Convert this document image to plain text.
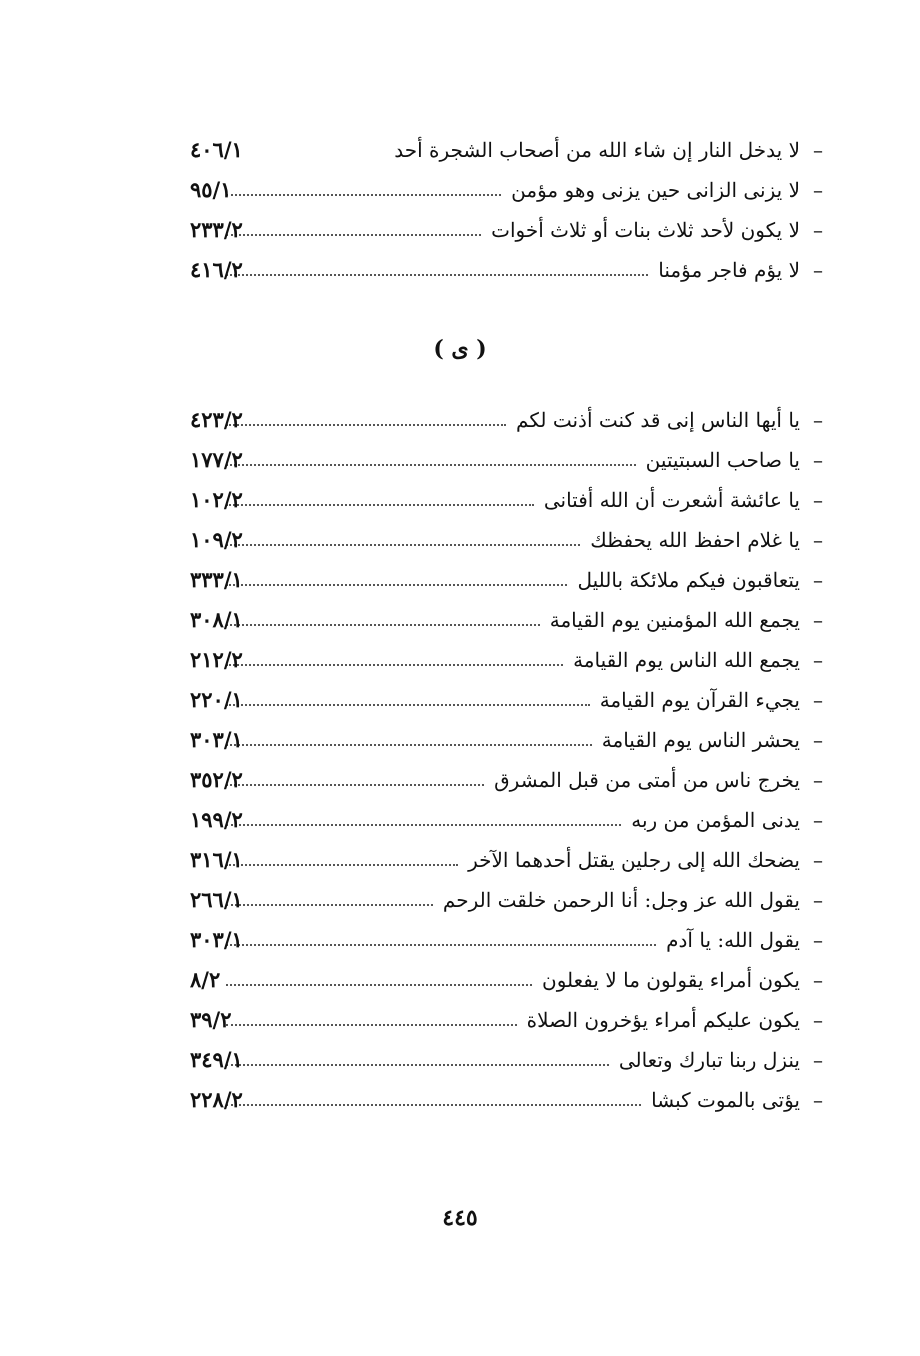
–
لا يدخل النار إن شاء الله من أصحاب الشجرة أحد
٤٠٦/١
–
لا يزنى الزانى حين يزنى وهو مؤمن
٩٥/١
–
لا يكون لأحد ثلاث بنات أو ثلاث أخوات
٢٣٣/٢
–
لا يؤم فاجر مؤمنا
٤١٦/٢
( ى )
–
يا أيها الناس إنى قد كنت أذنت لكم
٤٢٣/٢
–
يا صاحب السبتيتين
١٧٧/٢
–
يا عائشة أشعرت أن الله أفتانى
١٠٢/٢
–
يا غلام احفظ الله يحفظك
١٠٩/٢
–
يتعاقبون فيكم ملائكة بالليل
٣٣٣/١
–
يجمع الله المؤمنين يوم القيامة
٣٠٨/١
–
يجمع الله الناس يوم القيامة
٢١٢/٢
–
يجيء القرآن يوم القيامة
٢٢٠/١
–
يحشر الناس يوم القيامة
٣٠٣/١
–
يخرج ناس من أمتى من قبل المشرق
٣٥٢/٢
–
يدنى المؤمن من ربه
١٩٩/٢
–
يضحك الله إلى رجلين يقتل أحدهما الآخر
٣١٦/١
–
يقول الله عز وجل: أنا الرحمن خلقت الرحم
٢٦٦/١
–
يقول الله: يا آدم
٣٠٣/١
–
يكون أمراء يقولون ما لا يفعلون
٨/٢
–
يكون عليكم أمراء يؤخرون الصلاة
٣٩/٢
–
ينزل ربنا تبارك وتعالى
٣٤٩/١
–
يؤتى بالموت كبشا
٢٢٨/٢
٤٤٥
